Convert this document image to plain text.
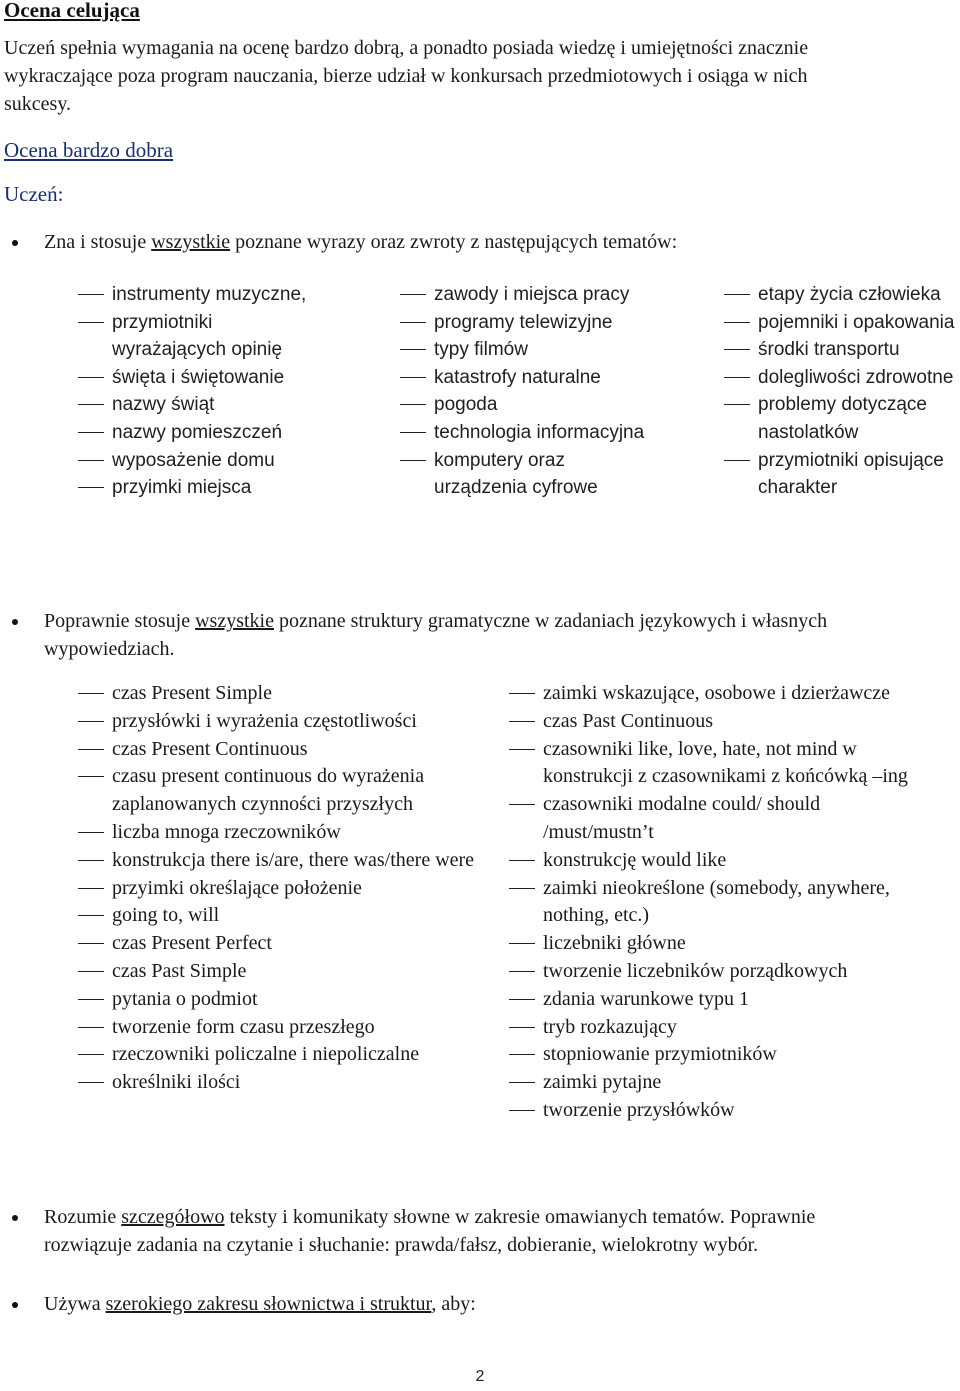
Ocena celująca
Uczeń spełnia wymagania na ocenę bardzo dobrą, a ponadto posiada wiedzę i umiejętności znacznie
wykraczające poza program nauczania, bierze udział w konkursach przedmiotowych i osiąga w nich
sukcesy.
Ocena bardzo dobra
Uczeń:
Zna i stosuje wszystkie poznane wyrazy oraz zwroty z następujących tematów:
instrumenty muzyczne,
przymiotniki wyrażających opinię
święta i świętowanie
nazwy świąt
nazwy pomieszczeń
wyposażenie domu
przyimki miejsca
zawody i miejsca pracy
programy telewizyjne
typy filmów
katastrofy naturalne
pogoda
technologia informacyjna
komputery oraz urządzenia cyfrowe
etapy życia człowieka
pojemniki i opakowania
środki transportu
dolegliwości zdrowotne
problemy dotyczące nastolatków
przymiotniki opisujące charakter
Poprawnie stosuje wszystkie poznane struktury gramatyczne w zadaniach językowych i własnych
wypowiedziach.
czas Present Simple
przysłówki i wyrażenia częstotliwości
czas Present Continuous
czasu present continuous do wyrażenia zaplanowanych czynności przyszłych
liczba mnoga rzeczowników
konstrukcja there is/are, there was/there were
przyimki określające położenie
going to, will
czas Present Perfect
czas Past Simple
pytania o podmiot
tworzenie form czasu przeszłego
rzeczowniki policzalne i niepoliczalne
określniki ilości
zaimki wskazujące, osobowe i dzierżawcze
czas Past Continuous
czasowniki like, love, hate, not mind w konstrukcji z czasownikami z końcówką –ing
czasowniki modalne could/ should /must/mustn’t
konstrukcję would like
zaimki nieokreślone (somebody, anywhere, nothing, etc.)
liczebniki główne
tworzenie liczebników porządkowych
zdania warunkowe typu 1
tryb rozkazujący
stopniowanie przymiotników
zaimki pytajne
tworzenie przysłówków
Rozumie szczegółowo teksty i komunikaty słowne w zakresie omawianych tematów. Poprawnie
rozwiązuje zadania na czytanie i słuchanie: prawda/fałsz, dobieranie, wielokrotny wybór.
Używa szerokiego zakresu słownictwa i struktur, aby:
2
